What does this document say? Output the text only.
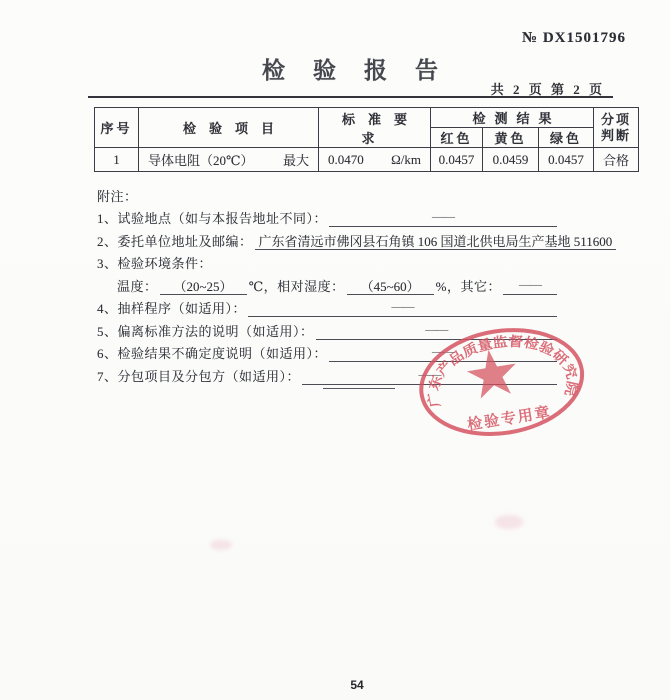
№ DX1501796
检验报告
共 2 页 第 2 页
序号	检验项目	标准要求	检测结果			分项
判断

			红色	黄色	绿色	
1	导体电阻（20℃） 最大	0.0470 Ω/km	0.0457	0.0459	0.0457	合格
附注：
1、试验地点（如与本报告地址不同）：	——
2、委托单位地址及邮编： 广东省清远市佛冈县石角镇 106 国道北供电局生产基地 511600
3、检验环境条件：
温度：	（20~25）	℃，相对湿度：	（45~60）	%，其它：	——
4、抽样程序（如适用）：	——
5、偏离标准方法的说明（如适用）：	——
6、检验结果不确定度说明（如适用）：	——
7、分包项目及分包方（如适用）：	——
广东产品质量监督检验研究院
检验专用章
54
